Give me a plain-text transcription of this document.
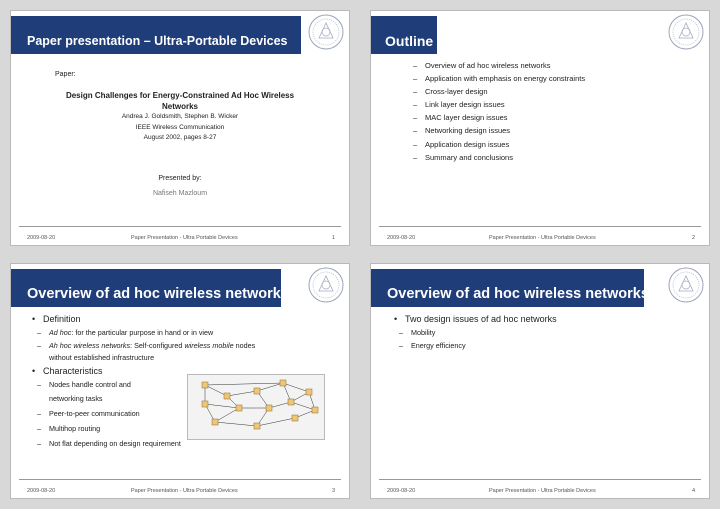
Paper presentation – Ultra-Portable Devices
Paper:
Design Challenges for Energy-Constrained Ad Hoc Wireless
Networks
Andrea J. Goldsmith, Stephen B. Wicker
IEEE Wireless Communication
August 2002, pages 8-27
Presented by:
Nafiseh Mazloum
2009-08-20	Paper Presentation - Ultra Portable Devices	1
Outline
– Overview of ad hoc wireless networks
– Application with emphasis on energy constraints
– Cross-layer design
– Link layer design issues
– MAC layer design issues
– Networking design issues
– Application design issues
– Summary and conclusions
2009-08-20	Paper Presentation - Ultra Portable Devices	2
Overview of ad hoc wireless networks (I)
• Definition
– Ad hoc: for the particular purpose in hand or in view
– Ah hoc wireless networks: Self-configured wireless mobile nodes
without established infrastructure
• Characteristics
– Nodes handle control and
networking tasks
– Peer-to-peer communication
– Multihop routing
– Not flat depending on design requirement
2009-08-20	Paper Presentation - Ultra Portable Devices	3
Overview of ad hoc wireless networks (II)
• Two design issues of ad hoc networks
– Mobility
– Energy efficiency
2009-08-20	Paper Presentation - Ultra Portable Devices	4
